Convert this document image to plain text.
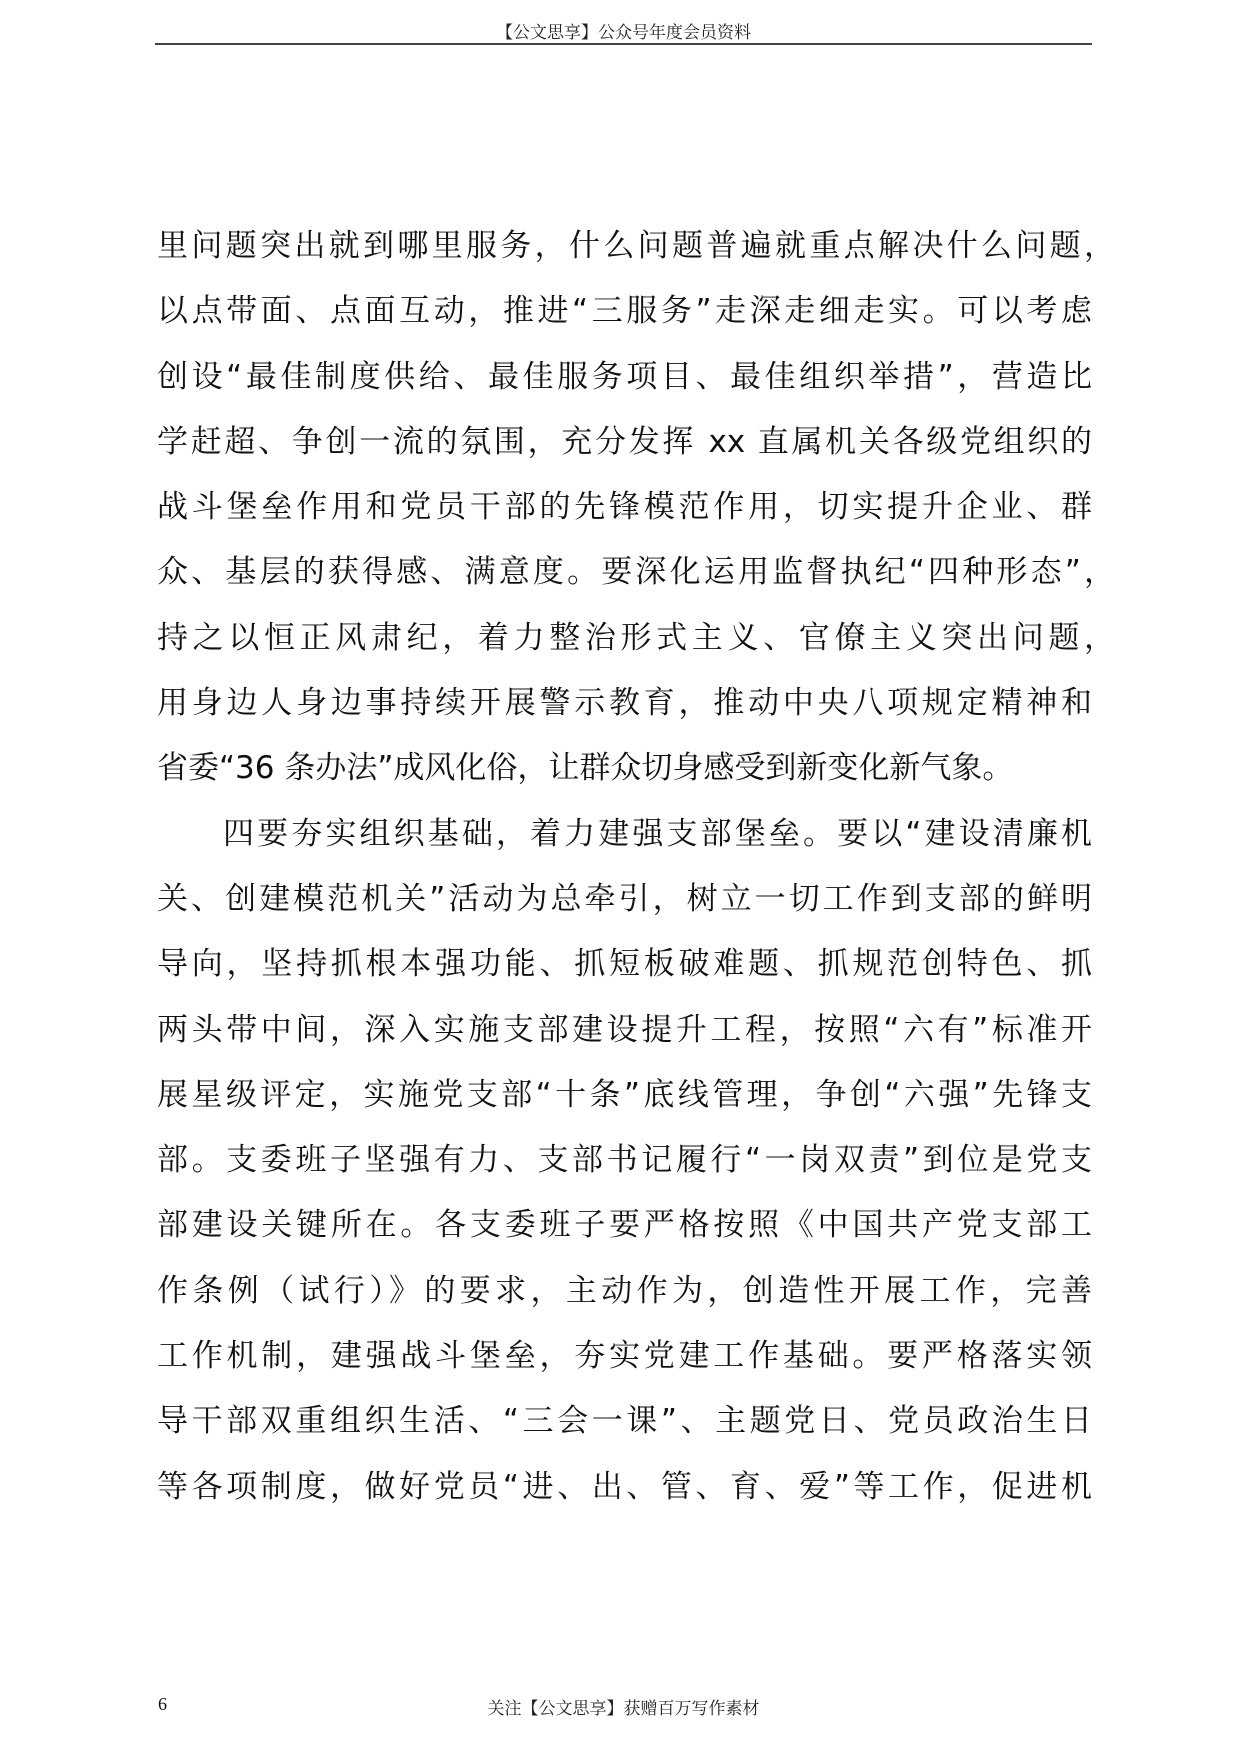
【公文思享】公众号年度会员资料
里问题突出就到哪里服务，什么问题普遍就重点解决什么问题，
以点带面、点面互动，推进“三服务”走深走细走实。可以考虑
创设“最佳制度供给、最佳服务项目、最佳组织举措”，营造比
学赶超、争创一流的氛围，充分发挥 xx 直属机关各级党组织的
战斗堡垒作用和党员干部的先锋模范作用，切实提升企业、群
众、基层的获得感、满意度。要深化运用监督执纪“四种形态”，
持之以恒正风肃纪，着力整治形式主义、官僚主义突出问题，
用身边人身边事持续开展警示教育，推动中央八项规定精神和
省委“36 条办法”成风化俗，让群众切身感受到新变化新气象。
四要夯实组织基础，着力建强支部堡垒。要以“建设清廉机
关、创建模范机关”活动为总牵引，树立一切工作到支部的鲜明
导向，坚持抓根本强功能、抓短板破难题、抓规范创特色、抓
两头带中间，深入实施支部建设提升工程，按照“六有”标准开
展星级评定，实施党支部“十条”底线管理，争创“六强”先锋支
部。支委班子坚强有力、支部书记履行“一岗双责”到位是党支
部建设关键所在。各支委班子要严格按照《中国共产党支部工
作条例（试行）》的要求，主动作为，创造性开展工作，完善
工作机制，建强战斗堡垒，夯实党建工作基础。要严格落实领
导干部双重组织生活、“三会一课”、主题党日、党员政治生日
等各项制度，做好党员“进、出、管、育、爱”等工作，促进机
6	关注【公文思享】获赠百万写作素材
